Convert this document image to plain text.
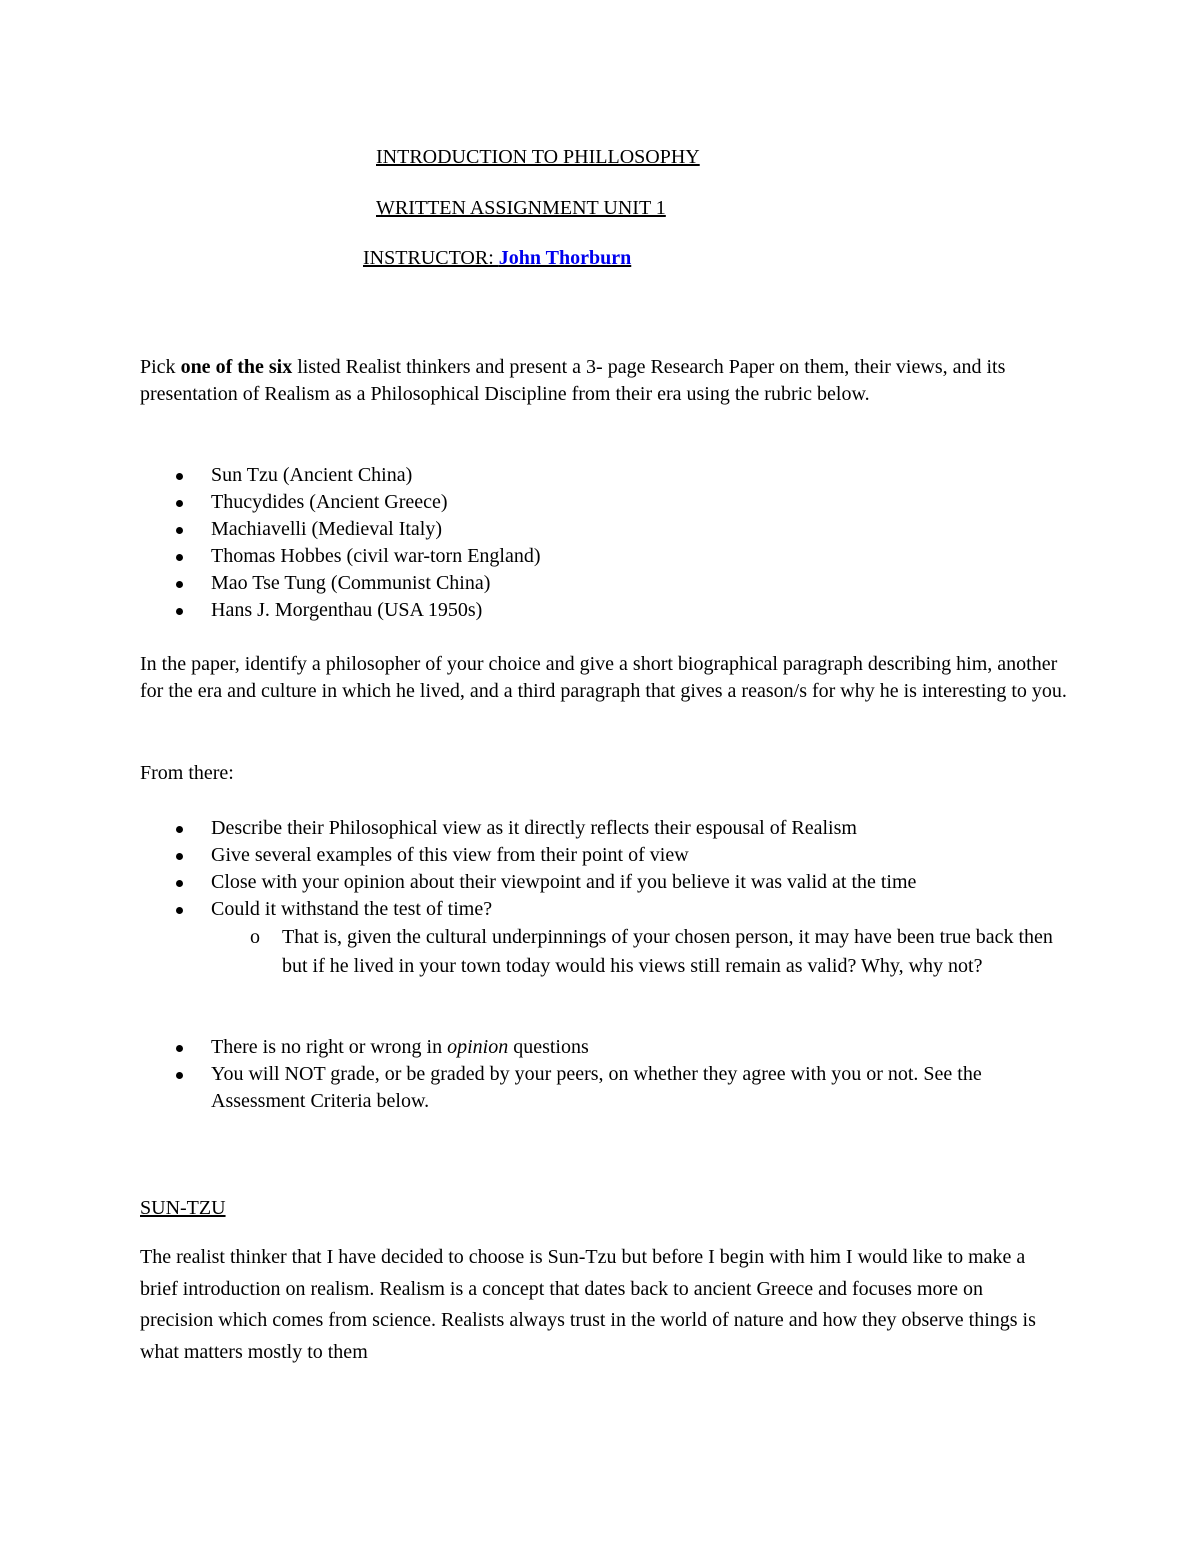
INTRODUCTION TO PHILLOSOPHY
WRITTEN ASSIGNMENT UNIT 1
INSTRUCTOR: John Thorburn

Pick one of the six listed Realist thinkers and present a 3- page Research Paper on them, their views, and its presentation of Realism as a Philosophical Discipline from their era using the rubric below.

Sun Tzu (Ancient China)
Thucydides (Ancient Greece)
Machiavelli (Medieval Italy)
Thomas Hobbes (civil war-torn England)
Mao Tse Tung (Communist China)
Hans J. Morgenthau (USA 1950s)

In the paper, identify a philosopher of your choice and give a short biographical paragraph describing him, another for the era and culture in which he lived, and a third paragraph that gives a reason/s for why he is interesting to you.

From there:

Describe their Philosophical view as it directly reflects their espousal of Realism
Give several examples of this view from their point of view
Close with your opinion about their viewpoint and if you believe it was valid at the time
Could it withstand the test of time?
o That is, given the cultural underpinnings of your chosen person, it may have been true back then but if he lived in your town today would his views still remain as valid? Why, why not?
There is no right or wrong in opinion questions
You will NOT grade, or be graded by your peers, on whether they agree with you or not. See the Assessment Criteria below.
SUN-TZU
The realist thinker that I have decided to choose is Sun-Tzu but before I begin with him I would like to make a brief introduction on realism. Realism is a concept that dates back to ancient Greece and focuses more on precision which comes from science. Realists always trust in the world of nature and how they observe things is what matters mostly to them
